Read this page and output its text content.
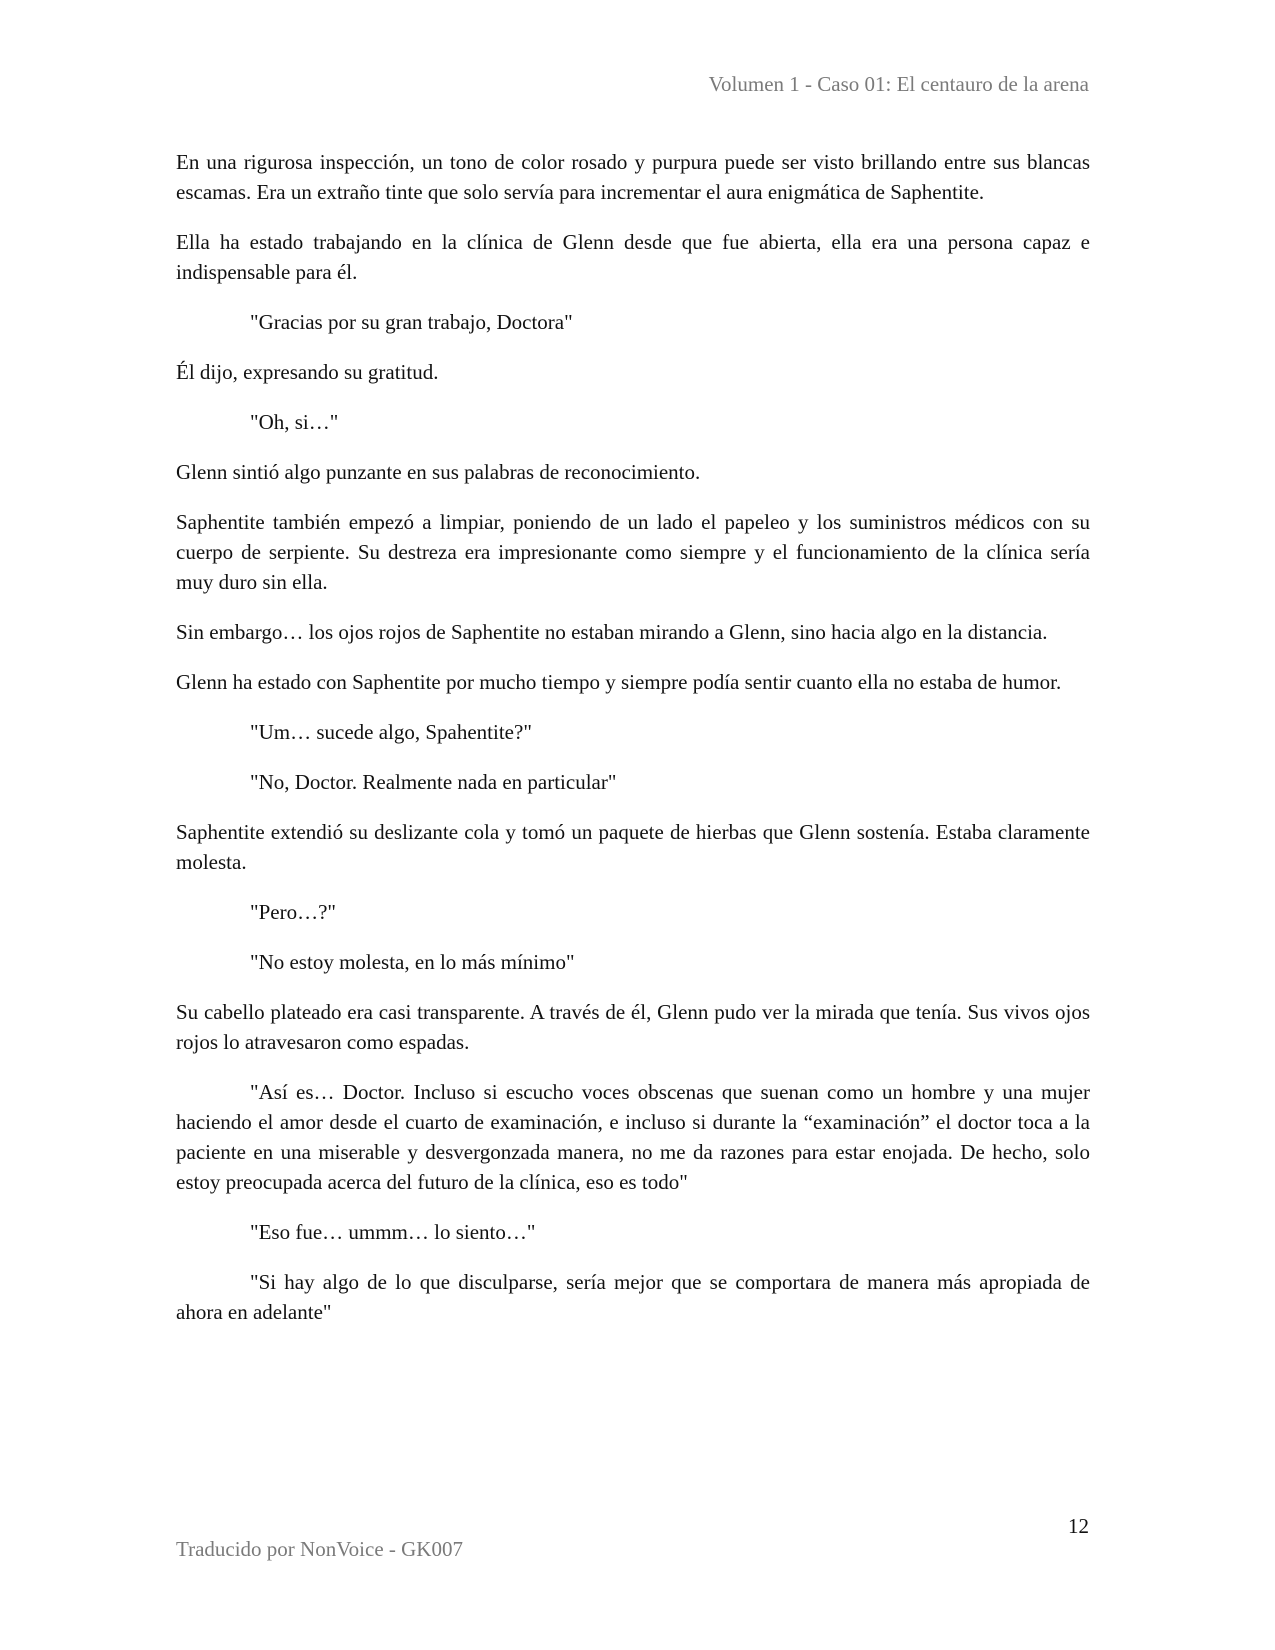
Volumen 1 - Caso 01: El centauro de la arena

En una rigurosa inspección, un tono de color rosado y purpura puede ser visto brillando entre sus blancas escamas. Era un extraño tinte que solo servía para incrementar el aura enigmática de Saphentite.

Ella ha estado trabajando en la clínica de Glenn desde que fue abierta, ella era una persona capaz e indispensable para él.

"Gracias por su gran trabajo, Doctora"

Él dijo, expresando su gratitud.

"Oh, si…"

Glenn sintió algo punzante en sus palabras de reconocimiento.

Saphentite también empezó a limpiar, poniendo de un lado el papeleo y los suministros médicos con su cuerpo de serpiente. Su destreza era impresionante como siempre y el funcionamiento de la clínica sería muy duro sin ella.

Sin embargo… los ojos rojos de Saphentite no estaban mirando a Glenn, sino hacia algo en la distancia.

Glenn ha estado con Saphentite por mucho tiempo y siempre podía sentir cuanto ella no estaba de humor.

"Um… sucede algo, Spahentite?"

"No, Doctor. Realmente nada en particular"

Saphentite extendió su deslizante cola y tomó un paquete de hierbas que Glenn sostenía. Estaba claramente molesta.

"Pero…?"

"No estoy molesta, en lo más mínimo"

Su cabello plateado era casi transparente. A través de él, Glenn pudo ver la mirada que tenía. Sus vivos ojos rojos lo atravesaron como espadas.

"Así es… Doctor. Incluso si escucho voces obscenas que suenan como un hombre y una mujer haciendo el amor desde el cuarto de examinación, e incluso si durante la “examinación” el doctor toca a la paciente en una miserable y desvergonzada manera, no me da razones para estar enojada. De hecho, solo estoy preocupada acerca del futuro de la clínica, eso es todo"

"Eso fue… ummm… lo siento…"

"Si hay algo de lo que disculparse, sería mejor que se comportara de manera más apropiada de ahora en adelante"

12
Traducido por NonVoice - GK007
